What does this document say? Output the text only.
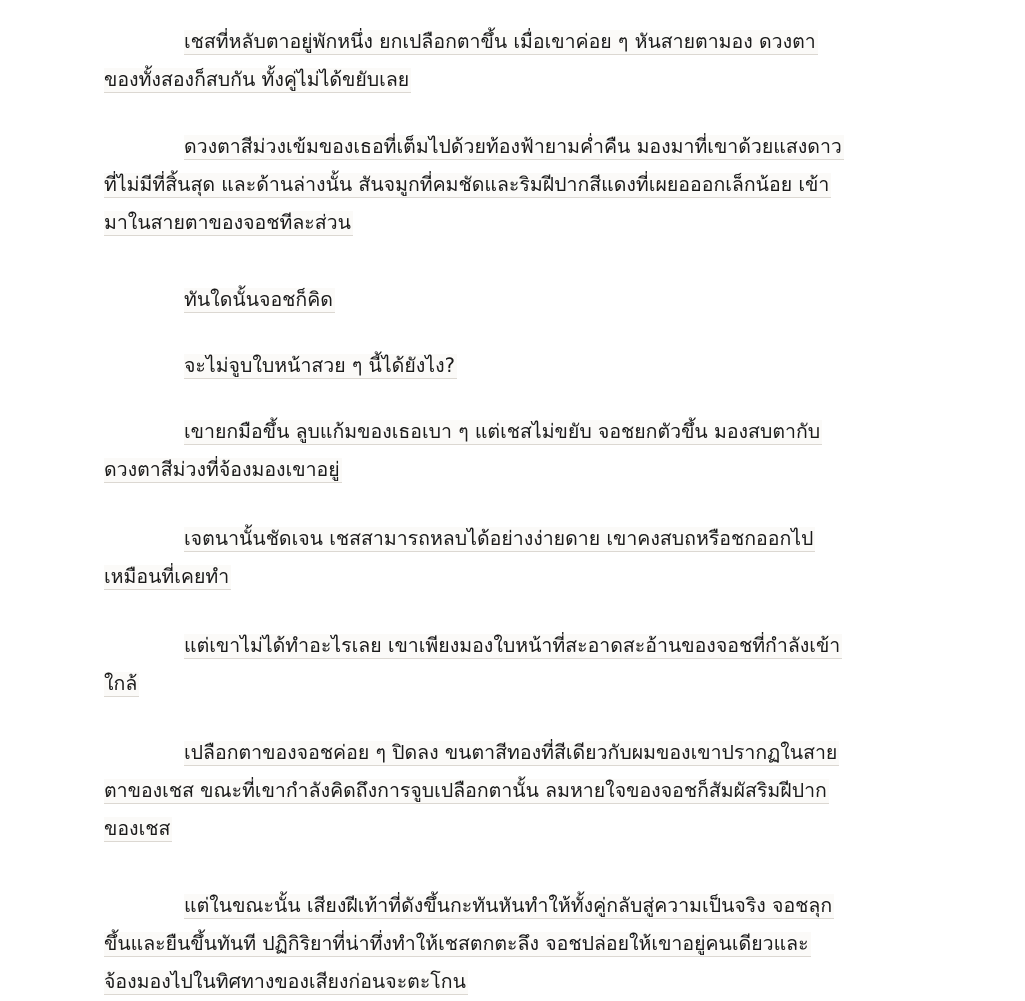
เชสที่หลับตาอยู่พักหนึ่ง ยกเปลือกตาขึ้น เมื่อเขาค่อย ๆ หันสายตามอง ดวงตา
ของทั้งสองก็สบกัน ทั้งคู่ไม่ได้ขยับเลย

ดวงตาสีม่วงเข้มของเธอที่เต็มไปด้วยท้องฟ้ายามค่ำคืน มองมาที่เขาด้วยแสงดาว
ที่ไม่มีที่สิ้นสุด และด้านล่างนั้น สันจมูกที่คมชัดและริมฝีปากสีแดงที่เผยอออกเล็กน้อย เข้า
มาในสายตาของจอชทีละส่วน

ทันใดนั้นจอชก็คิด

จะไม่จูบใบหน้าสวย ๆ นี้ได้ยังไง?

เขายกมือขึ้น ลูบแก้มของเธอเบา ๆ แต่เชสไม่ขยับ จอชยกตัวขึ้น มองสบตากับ
ดวงตาสีม่วงที่จ้องมองเขาอยู่

เจตนานั้นชัดเจน เชสสามารถหลบได้อย่างง่ายดาย เขาคงสบถหรือชกออกไป
เหมือนที่เคยทำ

แต่เขาไม่ได้ทำอะไรเลย เขาเพียงมองใบหน้าที่สะอาดสะอ้านของจอชที่กำลังเข้า
ใกล้

เปลือกตาของจอชค่อย ๆ ปิดลง ขนตาสีทองที่สีเดียวกับผมของเขาปรากฏในสาย
ตาของเชส ขณะที่เขากำลังคิดถึงการจูบเปลือกตานั้น ลมหายใจของจอชก็สัมผัสริมฝีปาก
ของเชส

แต่ในขณะนั้น เสียงฝีเท้าที่ดังขึ้นกะทันหันทำให้ทั้งคู่กลับสู่ความเป็นจริง จอชลุก
ขึ้นและยืนขึ้นทันที ปฏิกิริยาที่น่าทึ่งทำให้เชสตกตะลึง จอชปล่อยให้เขาอยู่คนเดียวและ
จ้องมองไปในทิศทางของเสียงก่อนจะตะโกน
